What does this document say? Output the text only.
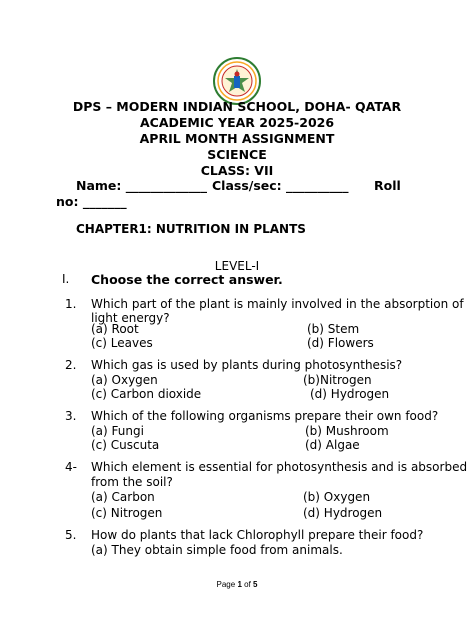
DPS – MODERN INDIAN SCHOOL, DOHA- QATAR
ACADEMIC YEAR 2025-2026
APRIL MONTH ASSIGNMENT
SCIENCE
CLASS: VII
Name: _____________ Class/sec: __________ Roll
no: _______
CHAPTER1: NUTRITION IN PLANTS
LEVEL-I
I. Choose the correct answer.
1. Which part of the plant is mainly involved in the absorption of
light energy?
(a) Root	(b) Stem
(c) Leaves	(d) Flowers
2. Which gas is used by plants during photosynthesis?
(a) Oxygen	(b)Nitrogen
(c) Carbon dioxide	(d) Hydrogen
3. Which of the following organisms prepare their own food?
(a) Fungi	(b) Mushroom
(c) Cuscuta	(d) Algae
4- Which element is essential for photosynthesis and is absorbed
from the soil?
(a) Carbon	(b) Oxygen
(c) Nitrogen	(d) Hydrogen
5. How do plants that lack Chlorophyll prepare their food?
(a) They obtain simple food from animals.
Page 1 of 5
